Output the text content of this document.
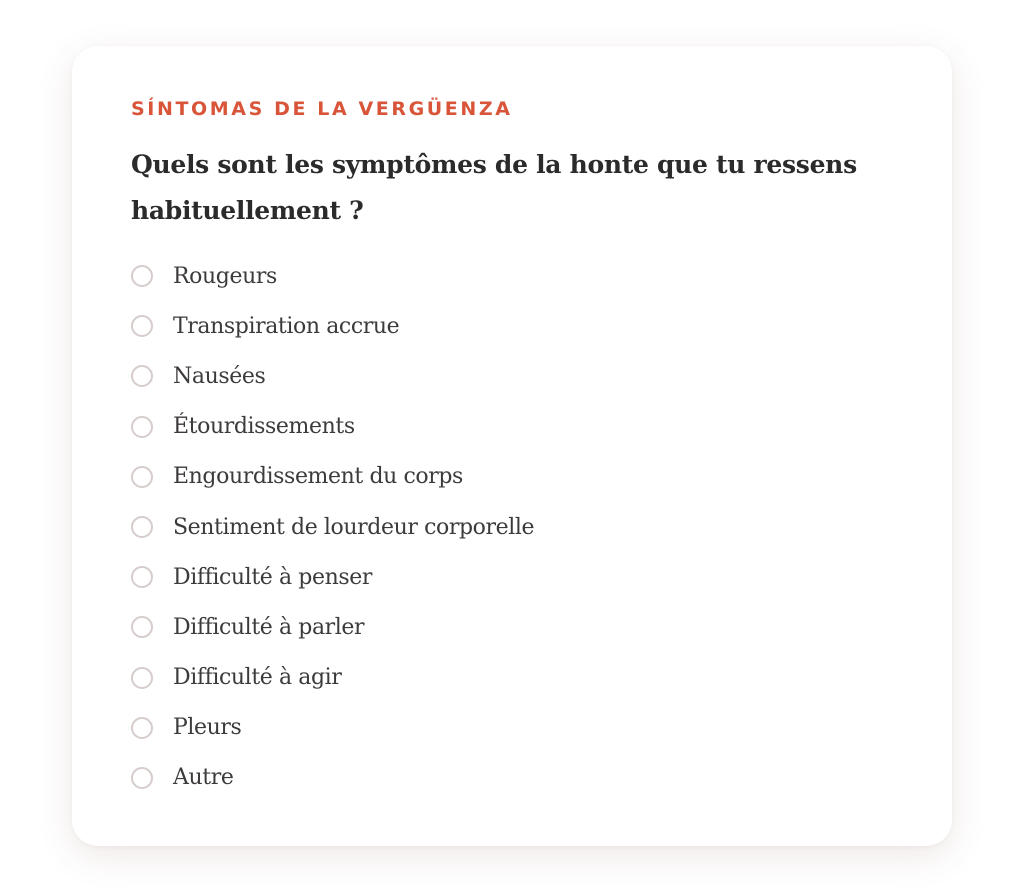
SÍNTOMAS DE LA VERGÜENZA

Quels sont les symptômes de la honte que tu ressens habituellement ?
Rougeurs
Transpiration accrue
Nausées
Étourdissements
Engourdissement du corps
Sentiment de lourdeur corporelle
Difficulté à penser
Difficulté à parler
Difficulté à agir
Pleurs
Autre
